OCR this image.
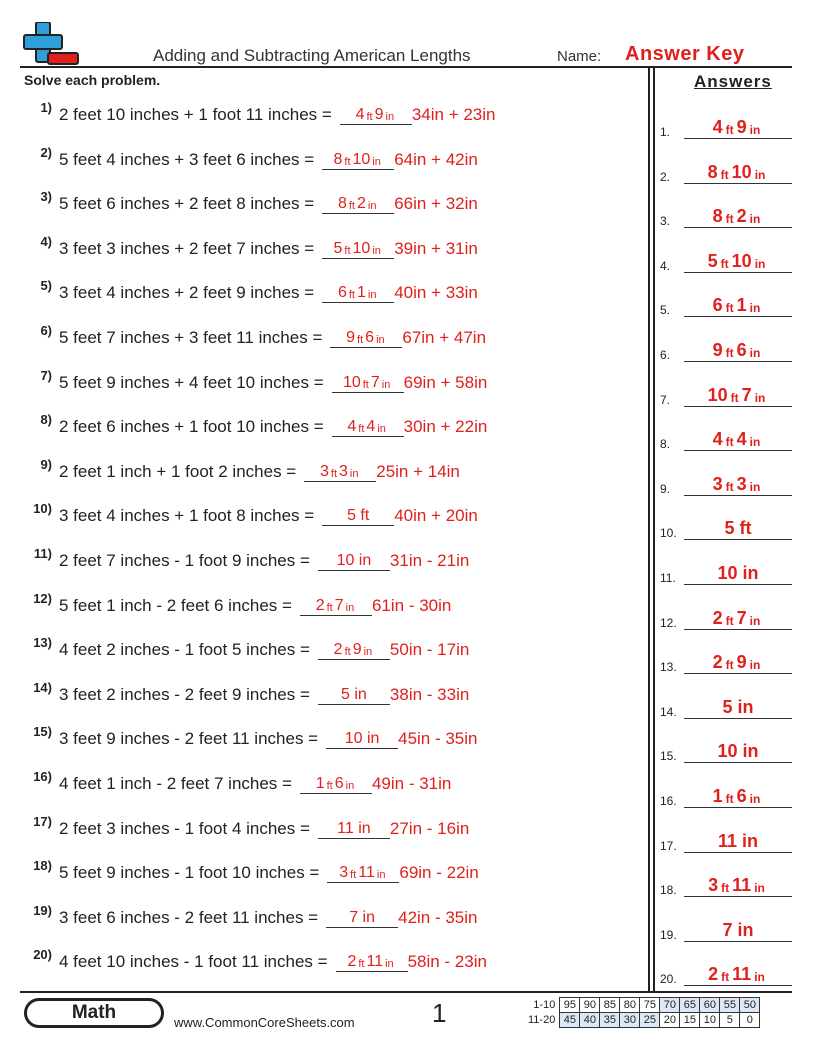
Adding and Subtracting American Lengths	Name: Answer Key
Solve each problem.	Answers
1) 2 feet 10 inches + 1 foot 11 inches = 4 ft 9 in 34in + 23in
2) 5 feet 4 inches + 3 feet 6 inches = 8 ft 10 in 64in + 42in
3) 5 feet 6 inches + 2 feet 8 inches = 8 ft 2 in 66in + 32in
4) 3 feet 3 inches + 2 feet 7 inches = 5 ft 10 in 39in + 31in
5) 3 feet 4 inches + 2 feet 9 inches = 6 ft 1 in 40in + 33in
6) 5 feet 7 inches + 3 feet 11 inches = 9 ft 6 in 67in + 47in
7) 5 feet 9 inches + 4 feet 10 inches = 10 ft 7 in 69in + 58in
8) 2 feet 6 inches + 1 foot 10 inches = 4 ft 4 in 30in + 22in
9) 2 feet 1 inch + 1 foot 2 inches = 3 ft 3 in 25in + 14in
10) 3 feet 4 inches + 1 foot 8 inches = 5 ft 40in + 20in
11) 2 feet 7 inches - 1 foot 9 inches = 10 in 31in - 21in
12) 5 feet 1 inch - 2 feet 6 inches = 2 ft 7 in 61in - 30in
13) 4 feet 2 inches - 1 foot 5 inches = 2 ft 9 in 50in - 17in
14) 3 feet 2 inches - 2 feet 9 inches = 5 in 38in - 33in
15) 3 feet 9 inches - 2 feet 11 inches = 10 in 45in - 35in
16) 4 feet 1 inch - 2 feet 7 inches = 1 ft 6 in 49in - 31in
17) 2 feet 3 inches - 1 foot 4 inches = 11 in 27in - 16in
18) 5 feet 9 inches - 1 foot 10 inches = 3 ft 11 in 69in - 22in
19) 3 feet 6 inches - 2 feet 11 inches = 7 in 42in - 35in
20) 4 feet 10 inches - 1 foot 11 inches = 2 ft 11 in 58in - 23in
1. 4 ft 9 in
2. 8 ft 10 in
3. 8 ft 2 in
4. 5 ft 10 in
5. 6 ft 1 in
6. 9 ft 6 in
7. 10 ft 7 in
8. 4 ft 4 in
9. 3 ft 3 in
10.	5 ft
11. 10 in
12. 2 ft 7 in
13. 2 ft 9 in
14.	5 in
15. 10 in
16. 1 ft 6 in
17. 11 in
18. 3 ft 11 in
19.	7 in
20. 2 ft 11 in
Math	www.CommonCoreSheets.com	1	1-10	95	90	85	80	75	70	65	60	55	50
11-20	45	40	35	30	25	20	15	10	5	0
